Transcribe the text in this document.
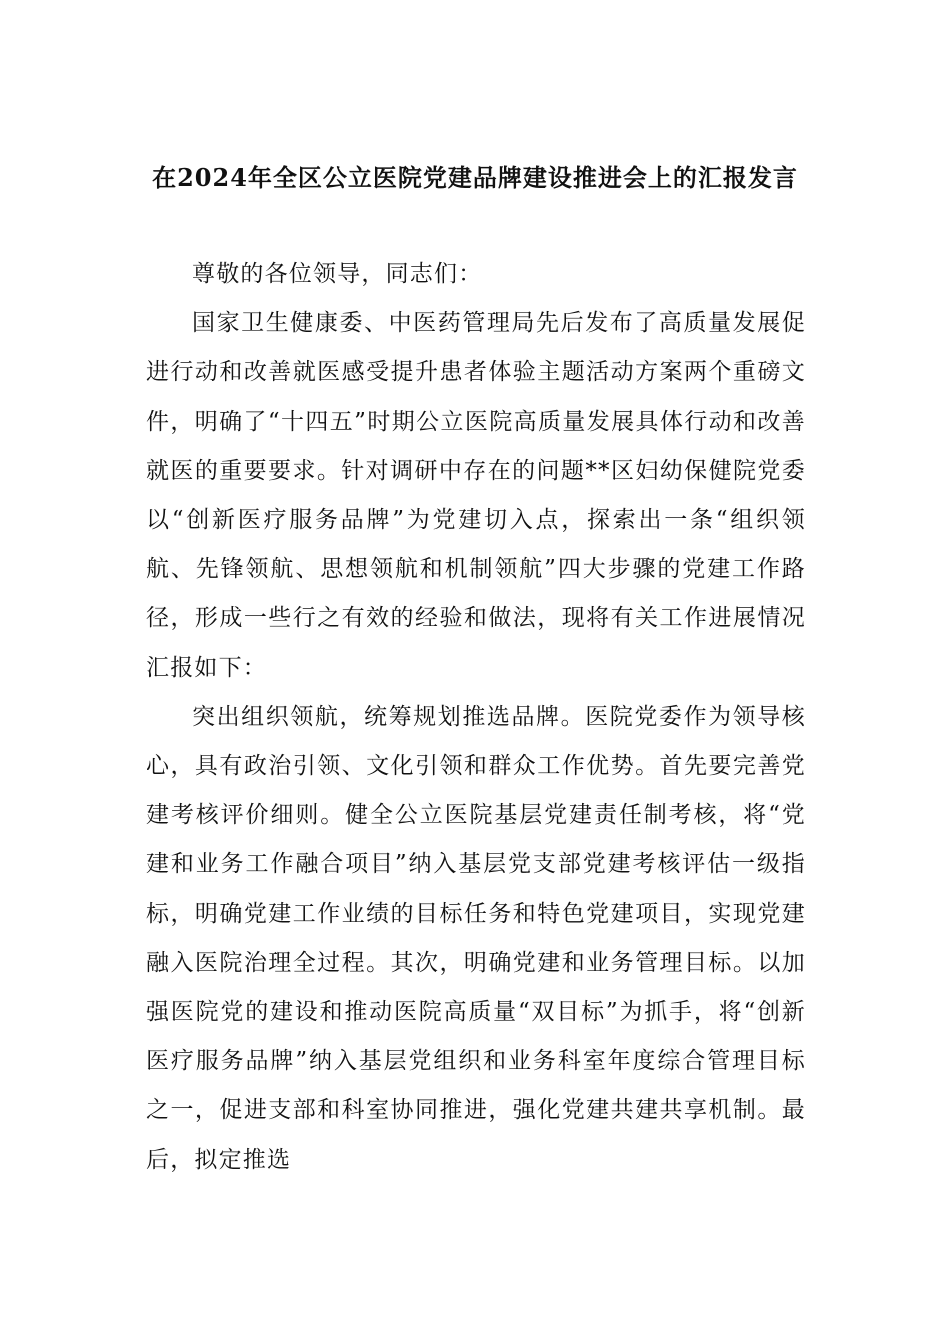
在2024年全区公立医院党建品牌建设推进会上的汇报发言

尊敬的各位领导，同志们：

国家卫生健康委、中医药管理局先后发布了高质量发展促进行动和改善就医感受提升患者体验主题活动方案两个重磅文件，明确了“十四五”时期公立医院高质量发展具体行动和改善就医的重要要求。针对调研中存在的问题**区妇幼保健院党委以“创新医疗服务品牌”为党建切入点，探索出一条“组织领航、先锋领航、思想领航和机制领航”四大步骤的党建工作路径，形成一些行之有效的经验和做法，现将有关工作进展情况汇报如下：

突出组织领航，统筹规划推选品牌。医院党委作为领导核心，具有政治引领、文化引领和群众工作优势。首先要完善党建考核评价细则。健全公立医院基层党建责任制考核，将“党建和业务工作融合项目”纳入基层党支部党建考核评估一级指标，明确党建工作业绩的目标任务和特色党建项目，实现党建融入医院治理全过程。其次，明确党建和业务管理目标。以加强医院党的建设和推动医院高质量“双目标”为抓手，将“创新医疗服务品牌”纳入基层党组织和业务科室年度综合管理目标之一，促进支部和科室协同推进，强化党建共建共享机制。最后，拟定推选
